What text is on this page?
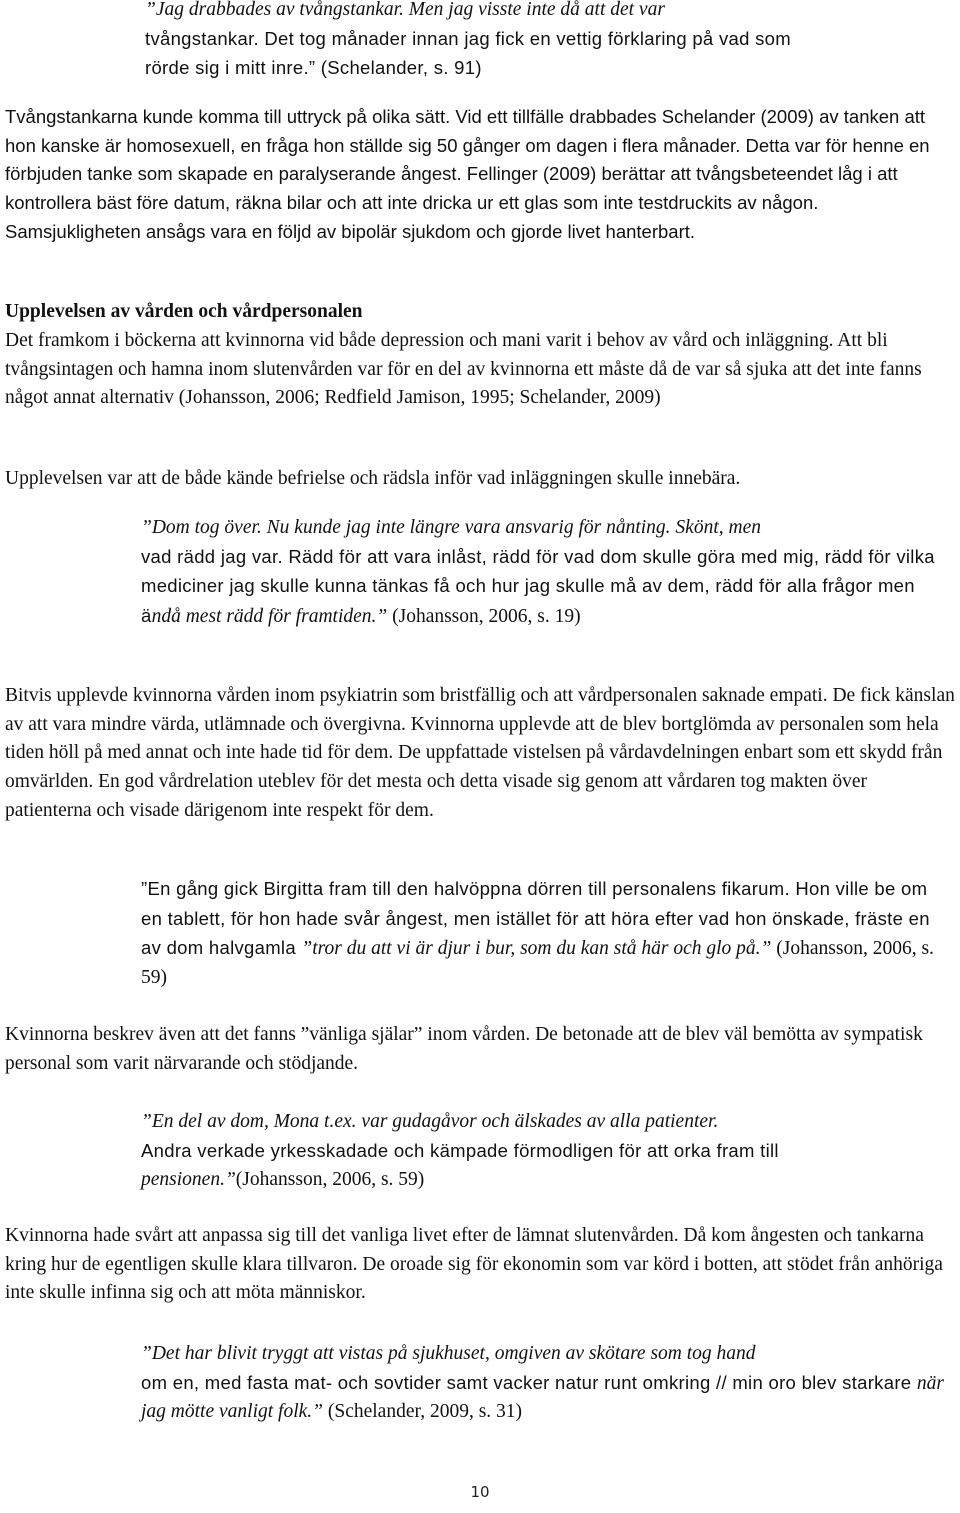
”Jag drabbades av tvångstankar. Men jag visste inte då att det var
tvångstankar. Det tog månader innan jag fick en vettig förklaring på vad som
rörde sig i mitt inre.” (Schelander, s. 91)

Tvångstankarna kunde komma till uttryck på olika sätt. Vid ett tillfälle drabbades Schelander (2009) av tanken att hon kanske är homosexuell, en fråga hon ställde sig 50 gånger om dagen i flera månader. Detta var för henne en förbjuden tanke som skapade en paralyserande ångest. Fellinger (2009) berättar att tvångsbeteendet låg i att kontrollera bäst före datum, räkna bilar och att inte dricka ur ett glas som inte testdruckits av någon. Samsjukligheten ansågs vara en följd av bipolär sjukdom och gjorde livet hanterbart.

Upplevelsen av vården och vårdpersonalen

Det framkom i böckerna att kvinnorna vid både depression och mani varit i behov av vård och inläggning. Att bli tvångsintagen och hamna inom slutenvården var för en del av kvinnorna ett måste då de var så sjuka att det inte fanns något annat alternativ (Johansson, 2006; Redfield Jamison, 1995; Schelander, 2009)

Upplevelsen var att de både kände befrielse och rädsla inför vad inläggningen skulle innebära.

”Dom tog över. Nu kunde jag inte längre vara ansvarig för nånting. Skönt, men
vad rädd jag var. Rädd för att vara inlåst, rädd för vad dom skulle göra med mig, rädd för vilka mediciner jag skulle kunna tänkas få och hur jag skulle må av dem, rädd för alla frågor men ändå mest rädd för framtiden.” (Johansson, 2006, s. 19)

Bitvis upplevde kvinnorna vården inom psykiatrin som bristfällig och att vårdpersonalen saknade empati. De fick känslan av att vara mindre värda, utlämnade och övergivna. Kvinnorna upplevde att de blev bortglömda av personalen som hela tiden höll på med annat och inte hade tid för dem. De uppfattade vistelsen på vårdavdelningen enbart som ett skydd från omvärlden. En god vårdrelation uteblev för det mesta och detta visade sig genom att vårdaren tog makten över patienterna och visade därigenom inte respekt för dem.

”En gång gick Birgitta fram till den halvöppna dörren till personalens fikarum. Hon ville be om en tablett, för hon hade svår ångest, men istället för att höra efter vad hon önskade, fräste en av dom halvgamla ”tror du att vi är djur i bur, som du kan stå här och glo på.” (Johansson, 2006, s. 59)

Kvinnorna beskrev även att det fanns ”vänliga själar” inom vården. De betonade att de blev väl bemötta av sympatisk personal som varit närvarande och stödjande.

”En del av dom, Mona t.ex. var gudagåvor och älskades av alla patienter.
Andra verkade yrkesskadade och kämpade förmodligen för att orka fram till
pensionen.”(Johansson, 2006, s. 59)

Kvinnorna hade svårt att anpassa sig till det vanliga livet efter de lämnat slutenvården. Då kom ångesten och tankarna kring hur de egentligen skulle klara tillvaron. De oroade sig för ekonomin som var körd i botten, att stödet från anhöriga inte skulle infinna sig och att möta människor.

”Det har blivit tryggt att vistas på sjukhuset, omgiven av skötare som tog hand
om en, med fasta mat- och sovtider samt vacker natur runt omkring // min oro blev starkare när jag mötte vanligt folk.” (Schelander, 2009, s. 31)
10
